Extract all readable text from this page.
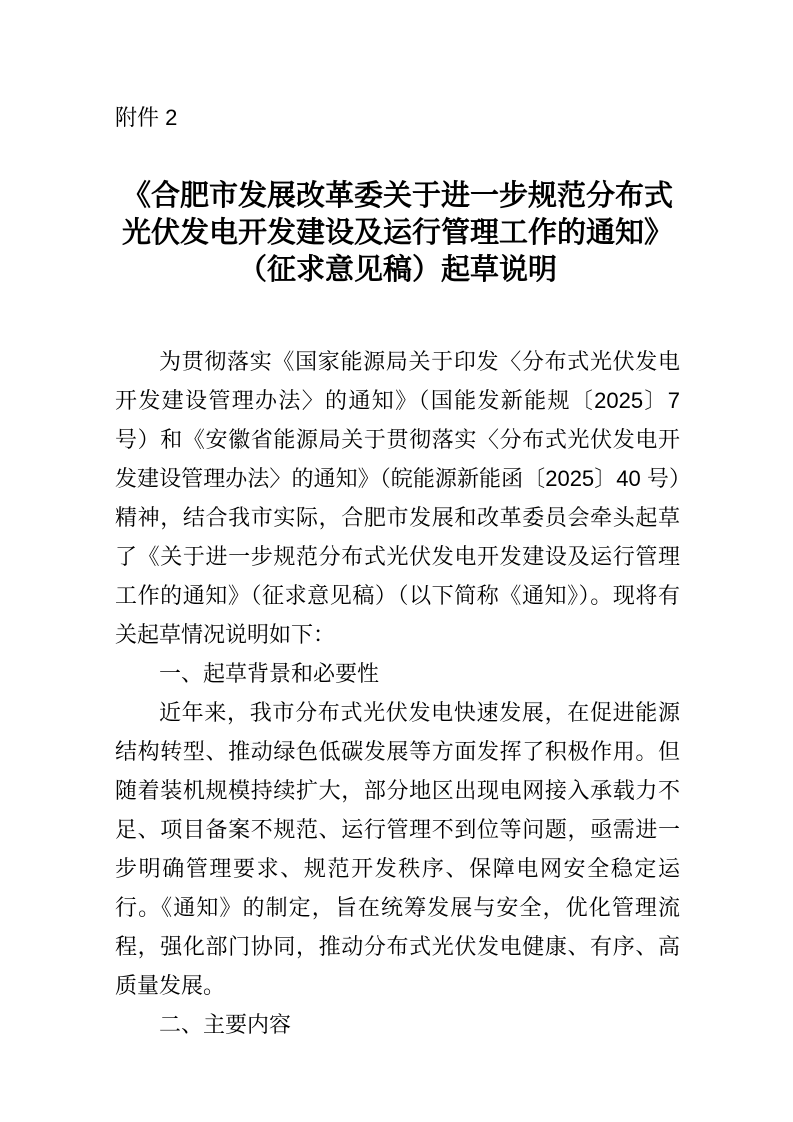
附件 2
《合肥市发展改革委关于进一步规范分布式光伏发电开发建设及运行管理工作的通知》（征求意见稿）起草说明

为贯彻落实《国家能源局关于印发〈分布式光伏发电开发建设管理办法〉的通知》（国能发新能规〔2025〕7 号）和《安徽省能源局关于贯彻落实〈分布式光伏发电开发建设管理办法〉的通知》（皖能源新能函〔2025〕40 号）精神，结合我市实际，合肥市发展和改革委员会牵头起草了《关于进一步规范分布式光伏发电开发建设及运行管理工作的通知》（征求意见稿）（以下简称《通知》）。现将有关起草情况说明如下：

一、起草背景和必要性

近年来，我市分布式光伏发电快速发展，在促进能源结构转型、推动绿色低碳发展等方面发挥了积极作用。但随着装机规模持续扩大，部分地区出现电网接入承载力不足、项目备案不规范、运行管理不到位等问题，亟需进一步明确管理要求、规范开发秩序、保障电网安全稳定运行。《通知》的制定，旨在统筹发展与安全，优化管理流程，强化部门协同，推动分布式光伏发电健康、有序、高质量发展。

二、主要内容
